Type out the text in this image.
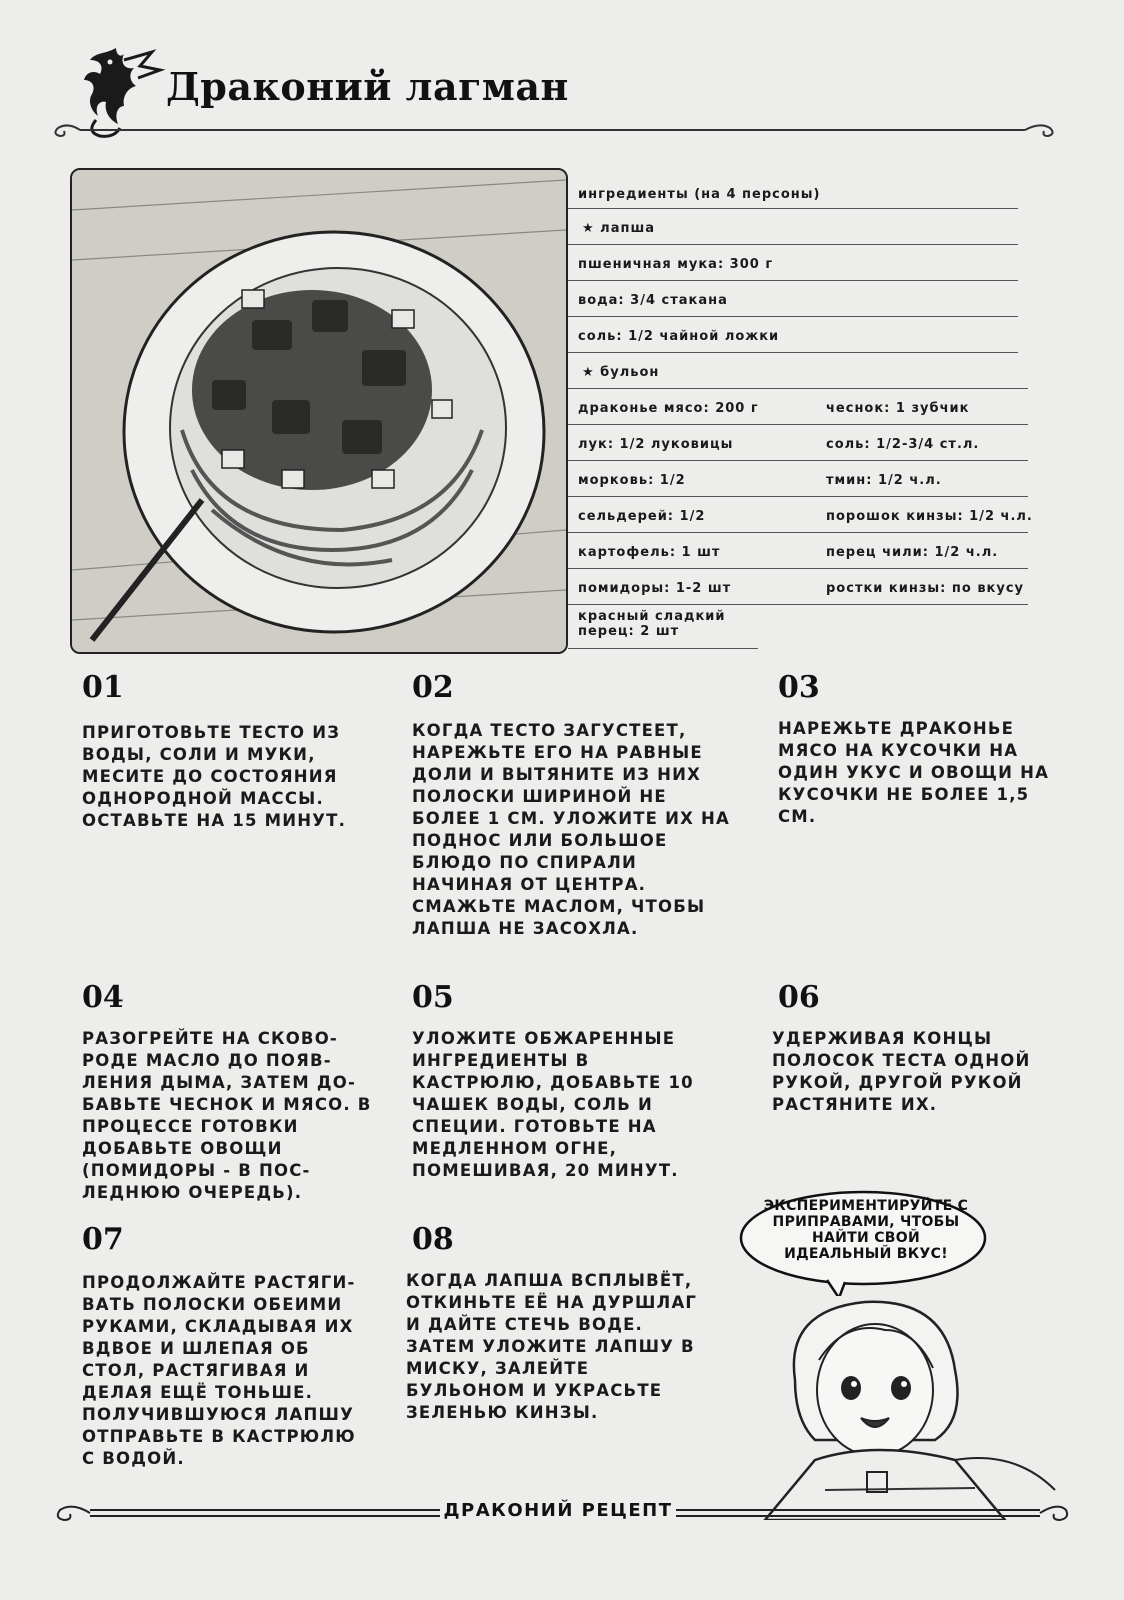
Драконий лагман
ингредиенты (на 4 персоны)
★ лапша
пшеничная мука: 300 г
вода: 3/4 стакана
соль: 1/2 чайной ложки
★ бульон
драконье мясо: 200 г	чеснок: 1 зубчик
лук: 1/2 луковицы	соль: 1/2-3/4 ст.л.
морковь: 1/2	тмин: 1/2 ч.л.
сельдерей: 1/2	порошок кинзы: 1/2 ч.л.
картофель: 1 шт	перец чили: 1/2 ч.л.
помидоры: 1-2 шт	ростки кинзы: по вкусу
красный сладкий перец: 2 шт
01
ПРИГОТОВЬТЕ ТЕСТО ИЗ ВОДЫ, СОЛИ И МУКИ, МЕСИТЕ ДО СОСТОЯНИЯ ОДНОРОДНОЙ МАССЫ. ОСТАВЬТЕ НА 15 МИНУТ.
02
КОГДА ТЕСТО ЗАГУСТЕЕТ, НАРЕЖЬТЕ ЕГО НА РАВНЫЕ ДОЛИ И ВЫТЯНИТЕ ИЗ НИХ ПОЛОСКИ ШИРИНОЙ НЕ БОЛЕЕ 1 СМ. УЛОЖИТЕ ИХ НА ПОДНОС ИЛИ БОЛЬШОЕ БЛЮДО ПО СПИРАЛИ НАЧИНАЯ ОТ ЦЕНТРА. СМАЖЬТЕ МАСЛОМ, ЧТОБЫ ЛАПША НЕ ЗАСОХЛА.
03
НАРЕЖЬТЕ ДРАКОНЬЕ МЯСО НА КУСОЧКИ НА ОДИН УКУС И ОВОЩИ НА КУСОЧКИ НЕ БОЛЕЕ 1,5 СМ.
04
РАЗОГРЕЙТЕ НА СКОВО-РОДЕ МАСЛО ДО ПОЯВ-ЛЕНИЯ ДЫМА, ЗАТЕМ ДО-БАВЬТЕ ЧЕСНОК И МЯСО. В ПРОЦЕССЕ ГОТОВКИ ДОБАВЬТЕ ОВОЩИ (ПОМИДОРЫ - В ПОС-ЛЕДНЮЮ ОЧЕРЕДЬ).
05
УЛОЖИТЕ ОБЖАРЕННЫЕ ИНГРЕДИЕНТЫ В КАСТРЮЛЮ, ДОБАВЬТЕ 10 ЧАШЕК ВОДЫ, СОЛЬ И СПЕЦИИ. ГОТОВЬТЕ НА МЕДЛЕННОМ ОГНЕ, ПОМЕШИВАЯ, 20 МИНУТ.
06
УДЕРЖИВАЯ КОНЦЫ ПОЛОСОК ТЕСТА ОДНОЙ РУКОЙ, ДРУГОЙ РУКОЙ РАСТЯНИТЕ ИХ.
07
ПРОДОЛЖАЙТЕ РАСТЯГИ-ВАТЬ ПОЛОСКИ ОБЕИМИ РУКАМИ, СКЛАДЫВАЯ ИХ ВДВОЕ И ШЛЕПАЯ ОБ СТОЛ, РАСТЯГИВАЯ И ДЕЛАЯ ЕЩЁ ТОНЬШЕ. ПОЛУЧИВШУЮСЯ ЛАПШУ ОТПРАВЬТЕ В КАСТРЮЛЮ С ВОДОЙ.
08
КОГДА ЛАПША ВСПЛЫВЁТ, ОТКИНЬТЕ ЕЁ НА ДУРШЛАГ И ДАЙТЕ СТЕЧЬ ВОДЕ. ЗАТЕМ УЛОЖИТЕ ЛАПШУ В МИСКУ, ЗАЛЕЙТЕ БУЛЬОНОМ И УКРАСЬТЕ ЗЕЛЕНЬЮ КИНЗЫ.
ЭКСПЕРИМЕНТИРУЙТЕ С ПРИПРАВАМИ, ЧТОБЫ НАЙТИ СВОЙ ИДЕАЛЬНЫЙ ВКУС!
ДРАКОНИЙ РЕЦЕПТ
